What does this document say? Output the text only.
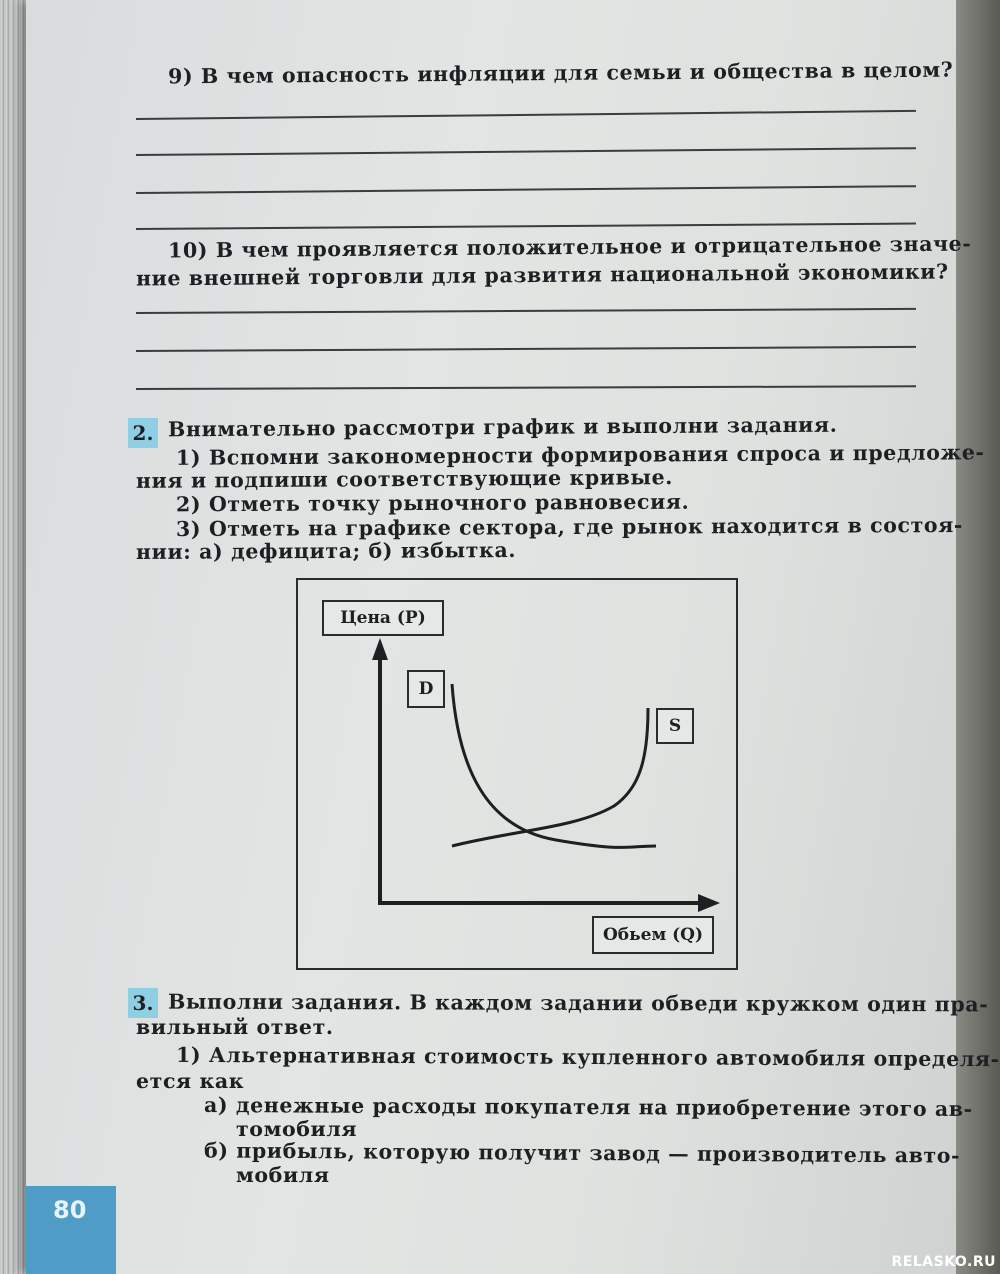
9) В чем опасность инфляции для семьи и общества в целом?
10) В чем проявляется положительное и отрицательное значе-
ние внешней торговли для развития национальной экономики?
2. Внимательно рассмотри график и выполни задания.
1) Вспомни закономерности формирования спроса и предложе-
ния и подпиши соответствующие кривые.
2) Отметь точку рыночного равновесия.
3) Отметь на графике сектора, где рынок находится в состоя-
нии: а) дефицита; б) избытка.
Цена (P)
D
S
Обьем (Q)
3. Выполни задания. В каждом задании обведи кружком один пра-
вильный ответ.
1) Альтернативная стоимость купленного автомобиля определя-
ется как
а) денежные расходы покупателя на приобретение этого ав-
томобиля
б) прибыль, которую получит завод — производитель авто-
мобиля
80
RELASKO.RU
